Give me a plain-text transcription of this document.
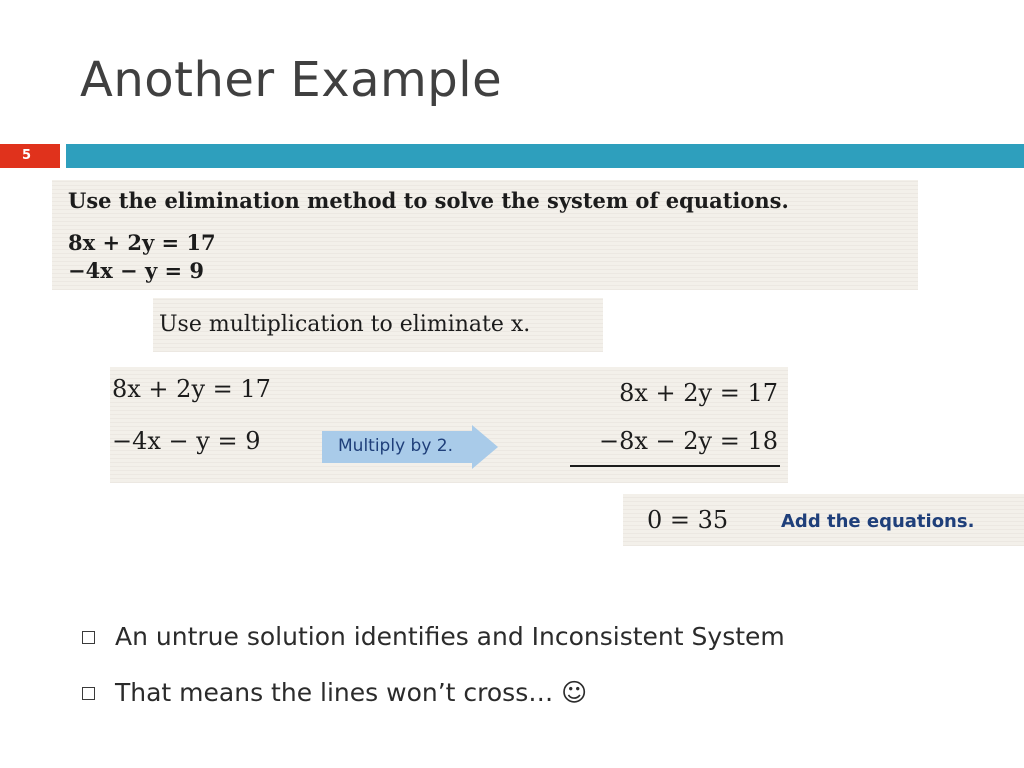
Another Example
5
Use the elimination method to solve the system of equations.
8x + 2y = 17
−4x − y = 9
Use multiplication to eliminate x.
8x + 2y = 17
−4x − y = 9	Multiply by 2.
8x + 2y = 17
−8x − 2y = 18
0 = 35	Add the equations.
An untrue solution identifies and Inconsistent System
That means the lines won’t cross… ☺
